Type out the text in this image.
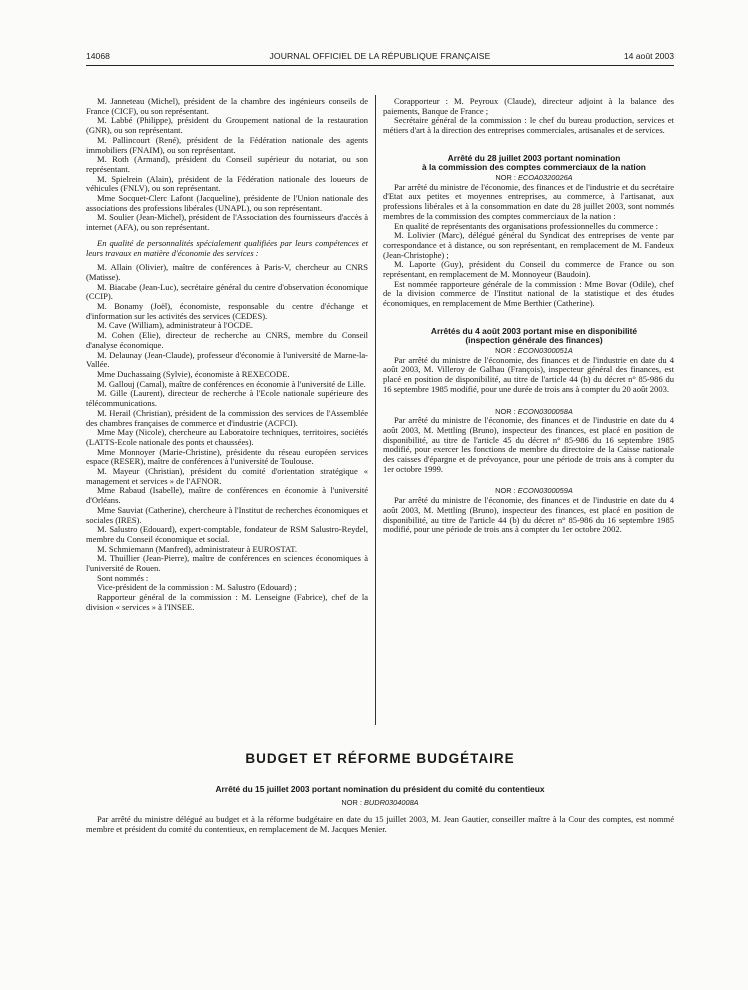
14068	JOURNAL OFFICIEL DE LA RÉPUBLIQUE FRANÇAISE	14 août 2003

M. Janneteau (Michel), président de la chambre des ingénieurs conseils de France (CICF), ou son représentant.

M. Labbé (Philippe), président du Groupement national de la restauration (GNR), ou son représentant.

M. Pallincourt (René), président de la Fédération nationale des agents immobiliers (FNAIM), ou son représentant.

M. Roth (Armand), président du Conseil supérieur du notariat, ou son représentant.

M. Spielrein (Alain), président de la Fédération nationale des loueurs de véhicules (FNLV), ou son représentant.

Mme Socquet-Clerc Lafont (Jacqueline), présidente de l'Union nationale des associations des professions libérales (UNAPL), ou son représentant.

M. Soulier (Jean-Michel), président de l'Association des fournisseurs d'accès à internet (AFA), ou son représentant.

En qualité de personnalités spécialement qualifiées par leurs compétences et leurs travaux en matière d'économie des services :

M. Allain (Olivier), maître de conférences à Paris-V, chercheur au CNRS (Matisse).

M. Biacabe (Jean-Luc), secrétaire général du centre d'observation économique (CCIP).

M. Bonamy (Joël), économiste, responsable du centre d'échange et d'information sur les activités des services (CEDES).

M. Cave (William), administrateur à l'OCDE.

M. Cohen (Elie), directeur de recherche au CNRS, membre du Conseil d'analyse économique.

M. Delaunay (Jean-Claude), professeur d'économie à l'université de Marne-la-Vallée.

Mme Duchassaing (Sylvie), économiste à REXECODE.

M. Gallouj (Camal), maître de conférences en économie à l'université de Lille.

M. Gille (Laurent), directeur de recherche à l'Ecole nationale supérieure des télécommunications.

M. Herail (Christian), président de la commission des services de l'Assemblée des chambres françaises de commerce et d'industrie (ACFCI).

Mme May (Nicole), chercheure au Laboratoire techniques, territoires, sociétés (LATTS-Ecole nationale des ponts et chaussées).

Mme Monnoyer (Marie-Christine), présidente du réseau européen services espace (RESER), maître de conférences à l'université de Toulouse.

M. Mayeur (Christian), président du comité d'orientation stratégique « management et services » de l'AFNOR.

Mme Rabaud (Isabelle), maître de conférences en économie à l'université d'Orléans.

Mme Sauviat (Catherine), chercheure à l'Institut de recherches économiques et sociales (IRES).

M. Salustro (Edouard), expert-comptable, fondateur de RSM Salustro-Reydel, membre du Conseil économique et social.

M. Schmiemann (Manfred), administrateur à EUROSTAT.

M. Thuillier (Jean-Pierre), maître de conférences en sciences économiques à l'université de Rouen.

Sont nommés :

Vice-président de la commission : M. Salustro (Edouard) ;

Rapporteur général de la commission : M. Lenseigne (Fabrice), chef de la division « services » à l'INSEE.

Corapporteur : M. Peyroux (Claude), directeur adjoint à la balance des paiements, Banque de France ;

Secrétaire général de la commission : le chef du bureau production, services et métiers d'art à la direction des entreprises commerciales, artisanales et de services.

Arrêté du 28 juillet 2003 portant nomination

à la commission des comptes commerciaux de la nation

NOR : ECOA0320026A

Par arrêté du ministre de l'économie, des finances et de l'industrie et du secrétaire d'Etat aux petites et moyennes entreprises, au commerce, à l'artisanat, aux professions libérales et à la consommation en date du 28 juillet 2003, sont nommés membres de la commission des comptes commerciaux de la nation :

En qualité de représentants des organisations professionnelles du commerce :

M. Lolivier (Marc), délégué général du Syndicat des entreprises de vente par correspondance et à distance, ou son représentant, en remplacement de M. Fandeux (Jean-Christophe) ;

M. Laporte (Guy), président du Conseil du commerce de France ou son représentant, en remplacement de M. Monnoyeur (Baudoin).

Est nommée rapporteure générale de la commission : Mme Bovar (Odile), chef de la division commerce de l'Institut national de la statistique et des études économiques, en remplacement de Mme Berthier (Catherine).

Arrêtés du 4 août 2003 portant mise en disponibilité

(inspection générale des finances)

NOR : ECON0300051A

Par arrêté du ministre de l'économie, des finances et de l'industrie en date du 4 août 2003, M. Villeroy de Galhau (François), inspecteur général des finances, est placé en position de disponibilité, au titre de l'article 44 (b) du décret n° 85-986 du 16 septembre 1985 modifié, pour une durée de trois ans à compter du 20 août 2003.

NOR : ECON0300058A

Par arrêté du ministre de l'économie, des finances et de l'industrie en date du 4 août 2003, M. Mettling (Bruno), inspecteur des finances, est placé en position de disponibilité, au titre de l'article 45 du décret n° 85-986 du 16 septembre 1985 modifié, pour exercer les fonctions de membre du directoire de la Caisse nationale des caisses d'épargne et de prévoyance, pour une période de trois ans à compter du 1er octobre 1999.

NOR : ECON0300059A

Par arrêté du ministre de l'économie, des finances et de l'industrie en date du 4 août 2003, M. Mettling (Bruno), inspecteur des finances, est placé en position de disponibilité, au titre de l'article 44 (b) du décret n° 85-986 du 16 septembre 1985 modifié, pour une période de trois ans à compter du 1er octobre 2002.

BUDGET ET RÉFORME BUDGÉTAIRE

Arrêté du 15 juillet 2003 portant nomination du président du comité du contentieux

NOR : BUDR0304008A

Par arrêté du ministre délégué au budget et à la réforme budgétaire en date du 15 juillet 2003, M. Jean Gautier, conseiller maître à la Cour des comptes, est nommé membre et président du comité du contentieux, en remplacement de M. Jacques Menier.
